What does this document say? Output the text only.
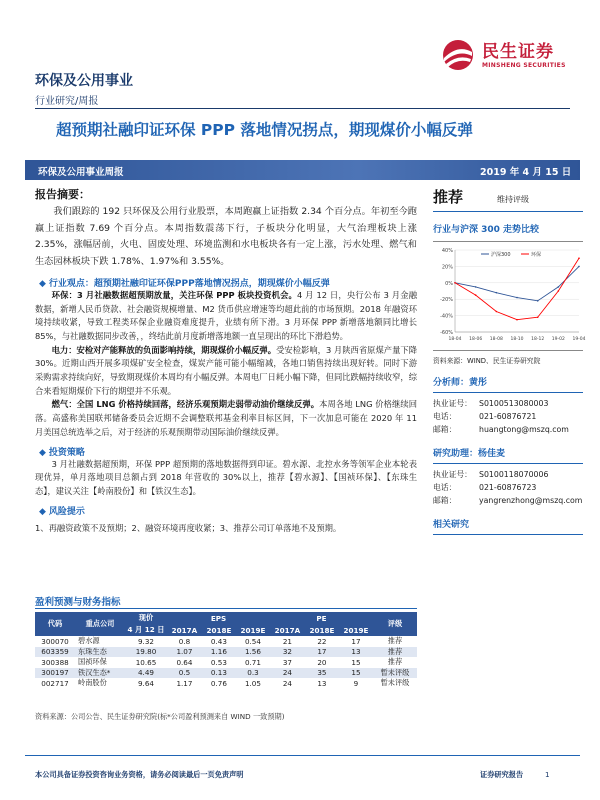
民生证券
MINSHENG SECURITIES
环保及公用事业
行业研究/周报
超预期社融印证环保 PPP 落地情况拐点，期现煤价小幅反弹
环保及公用事业周报	2019 年 4 月 15 日
报告摘要：
我们跟踪的 192 只环保及公用行业股票，本周跑赢上证指数 2.34 个百分点。年初至今跑赢上证指数 7.69 个百分点。本周指数震荡下行，子板块分化明显，大气治理板块上涨 2.35%，涨幅居前，火电、固废处理、环境监测和水电板块各有一定上涨，污水处理、燃气和生态园林板块下跌 1.78%、1.97%和 3.55%。
◆ 行业观点：超预期社融印证环保PPP落地情况拐点，期现煤价小幅反弹
环保：3 月社融数据超预期放量，关注环保 PPP 板块投资机会。4 月 12 日，央行公布 3 月金融数据，新增人民币贷款、社会融资规模增量、M2 货币供应增速等均超此前的市场预期。2018 年融资环境持续收紧，导致工程类环保企业融资难度提升，业绩有所下滑。3 月环保 PPP 新增落地额同比增长 85%，与社融数据同步改善，，终结此前月度新增落地额一直呈现出的环比下滑趋势。
电力：安检对产能释放的负面影响持续，期现煤价小幅反弹。受安检影响，3 月陕西省原煤产量下降 30%。近期山西开展多项煤矿安全检查，煤炭产能可能小幅缩减，各地口销售持续出现好转。同时下游采购需求持续向好，导致期现煤价本周均有小幅反弹。本周电厂日耗小幅下降，但同比跌幅持续收窄，综合来看短期煤价下行的期望并不乐观。
燃气：全国 LNG 价格持续回落，经济乐观预期走弱带动油价继续反弹。本周各地 LNG 价格继续回落。高盛称美国联邦储备委员会近期不会调整联邦基金利率目标区间，下一次加息可能在 2020 年 11 月美国总统选举之后，对于经济的乐观预期带动国际油价继续反弹。
◆ 投资策略
3 月社融数据超预期，环保 PPP 超预期的落地数据得到印证。碧水源、北控水务等领军企业本轮表现优异，单月落地项目总额占到 2018 年营收的 30%以上，推荐【碧水源】、【国祯环保】、【东珠生态】，建议关注【岭南股份】和【铁汉生态】。
◆ 风险提示
1、再融资政策不及预期；2、融资环境再度收紧；3、推荐公司订单落地不及预期。
盈利预测与财务指标
代码	重点公司	现价	EPS			PE			评级
		4 月 12 日	2017A	2018E	2019E	2017A	2018E	2019E	
300070	碧水源	9.32	0.8	0.43	0.54	21	22	17	推荐
603359	东珠生态	19.80	1.07	1.16	1.56	32	17	13	推荐
300388	国祯环保	10.65	0.64	0.53	0.71	37	20	15	推荐
300197	铁汉生态*	4.49	0.5	0.13	0.3	24	35	15	暂未评级
002717	岭南股份	9.64	1.17	0.76	1.05	24	13	9	暂未评级
资料来源：公司公告、民生证券研究院(标*公司盈利预测来自 WIND 一致预期)
推荐	维持评级
行业与沪深 300 走势比较
-60%
-40%
-20%
0%
20%
40%
18-04 18-06 18-08 18-10 18-12 19-02 19-04
沪深300	环保
资料来源：WIND、民生证券研究院
分析师：黄彤
执业证号： S0100513080003
电话：	021-60876721
邮箱：	huangtong@mszq.com
研究助理：杨佳麦
执业证号： S0100118070006
电话：	021-60876723
邮箱：	yangrenzhong@mszq.com
相关研究
本公司具备证券投资咨询业务资格，请务必阅读最后一页免责声明	证券研究报告	1
